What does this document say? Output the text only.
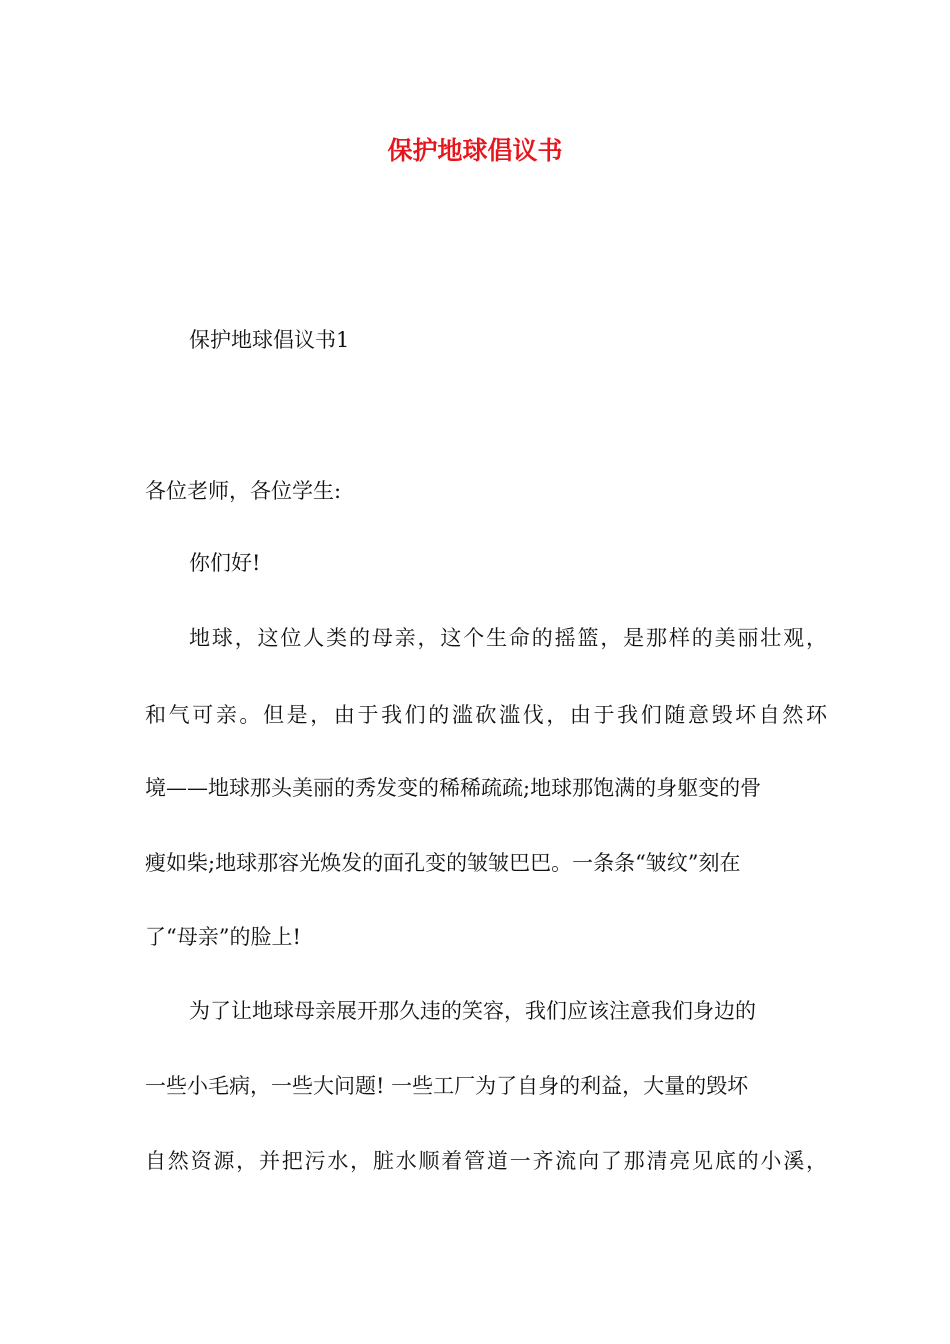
保护地球倡议书

保护地球倡议书1

各位老师，各位学生:

你们好!

地球，这位人类的母亲，这个生命的摇篮，是那样的美丽壮观，

和气可亲。但是，由于我们的滥砍滥伐，由于我们随意毁坏自然环

境——地球那头美丽的秀发变的稀稀疏疏;地球那饱满的身躯变的骨

瘦如柴;地球那容光焕发的面孔变的皱皱巴巴。一条条“皱纹”刻在

了“母亲”的脸上!

为了让地球母亲展开那久违的笑容，我们应该注意我们身边的

一些小毛病，一些大问题! 一些工厂为了自身的利益，大量的毁坏

自然资源，并把污水，脏水顺着管道一齐流向了那清亮见底的小溪，
